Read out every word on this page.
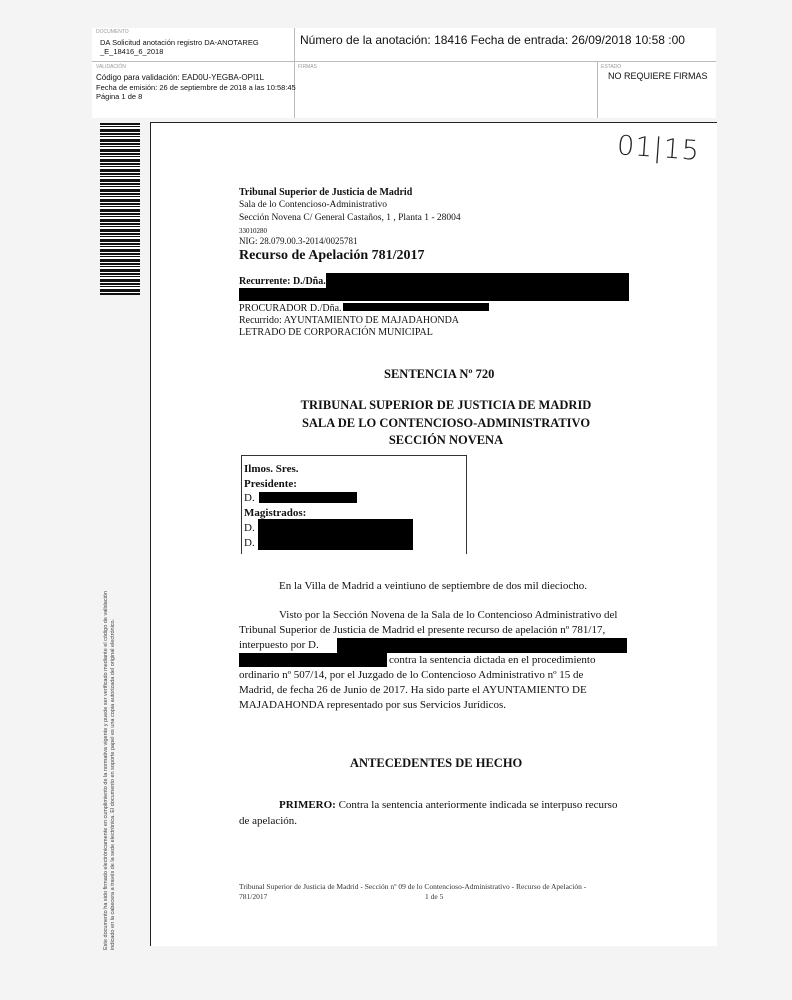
DOCUMENTO
DA Solicitud anotación registro DA-ANOTAREG
_E_18416_6_2018
Número de la anotación: 18416 Fecha de entrada: 26/09/2018 10:58 :00
VALIDACIÓN
Código para validación: EAD0U-YEGBA-OPI1L
Fecha de emisión: 26 de septiembre de 2018 a las 10:58:45
Página 1 de 8
FIRMAS	ESTADO
NO REQUIERE FIRMAS
Este documento ha sido firmado electrónicamente en cumplimiento de la normativa vigente y puede ser verificado mediante el código de validación indicado en la cabecera a través de la sede electrónica. El documento en soporte papel es una copia autorizada del original electrónico.
01|15
Tribunal Superior de Justicia de Madrid
Sala de lo Contencioso-Administrativo
Sección Novena C/ General Castaños, 1 , Planta 1 - 28004
33010280
NIG: 28.079.00.3-2014/0025781
Recurso de Apelación 781/2017
Recurrente: D./Dña.
PROCURADOR D./Dña.
Recurrido: AYUNTAMIENTO DE MAJADAHONDA
LETRADO DE CORPORACIÓN MUNICIPAL
SENTENCIA Nº 720
TRIBUNAL SUPERIOR DE JUSTICIA DE MADRID
SALA DE LO CONTENCIOSO-ADMINISTRATIVO
SECCIÓN NOVENA
Ilmos. Sres.
Presidente:
D.
Magistrados:
D.
D.
En la Villa de Madrid a veintiuno de septiembre de dos mil dieciocho.
Visto por la Sección Novena de la Sala de lo Contencioso Administrativo del
Tribunal Superior de Justicia de Madrid el presente recurso de apelación nº 781/17,
interpuesto por D.
contra la sentencia dictada en el procedimiento
ordinario nº 507/14, por el Juzgado de lo Contencioso Administrativo nº 15 de
Madrid, de fecha 26 de Junio de 2017. Ha sido parte el AYUNTAMIENTO DE
MAJADAHONDA representado por sus Servicios Jurídicos.
ANTECEDENTES DE HECHO
PRIMERO: Contra la sentencia anteriormente indicada se interpuso recurso
de apelación.
Tribunal Superior de Justicia de Madrid - Sección nº 09 de lo Contencioso-Administrativo - Recurso de Apelación -
781/2017	1 de 5
